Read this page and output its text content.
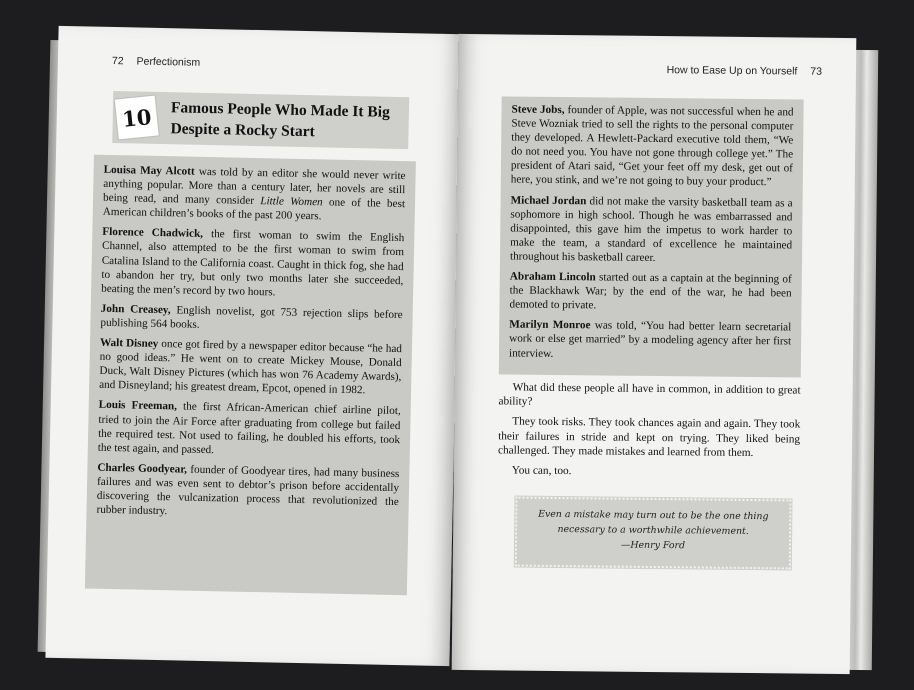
72 Perfectionism
10	Famous People Who Made It Big Despite a Rocky Start

Louisa May Alcott was told by an editor she would never write anything popular. More than a century later, her novels are still being read, and many consider Little Women one of the best American children’s books of the past 200 years.

Florence Chadwick, the first woman to swim the English Channel, also attempted to be the first woman to swim from Catalina Island to the California coast. Caught in thick fog, she had to abandon her try, but only two months later she succeeded, beating the men’s record by two hours.

John Creasey, English novelist, got 753 rejection slips before publishing 564 books.

Walt Disney once got fired by a newspaper editor because “he had no good ideas.” He went on to create Mickey Mouse, Donald Duck, Walt Disney Pictures (which has won 76 Academy Awards), and Disneyland; his greatest dream, Epcot, opened in 1982.

Louis Freeman, the first African-American chief airline pilot, tried to join the Air Force after graduating from college but failed the required test. Not used to failing, he doubled his efforts, took the test again, and passed.

Charles Goodyear, founder of Goodyear tires, had many business failures and was even sent to debtor’s prison before accidentally discovering the vulcanization process that revolutionized the rubber industry.

How to Ease Up on Yourself 73

Steve Jobs, founder of Apple, was not successful when he and Steve Wozniak tried to sell the rights to the personal computer they developed. A Hewlett-Packard executive told them, “We do not need you. You have not gone through college yet.” The president of Atari said, “Get your feet off my desk, get out of here, you stink, and we’re not going to buy your product.”

Michael Jordan did not make the varsity basketball team as a sophomore in high school. Though he was embarrassed and disappointed, this gave him the impetus to work harder to make the team, a standard of excellence he maintained throughout his basketball career.

Abraham Lincoln started out as a captain at the beginning of the Blackhawk War; by the end of the war, he had been demoted to private.

Marilyn Monroe was told, “You had better learn secretarial work or else get married” by a modeling agency after her first interview.

What did these people all have in common, in addition to great ability?

They took risks. They took chances again and again. They took their failures in stride and kept on trying. They liked being challenged. They made mistakes and learned from them.

You can, too.

Even a mistake may turn out to be the one thing necessary to a worthwhile achievement.
—Henry Ford
